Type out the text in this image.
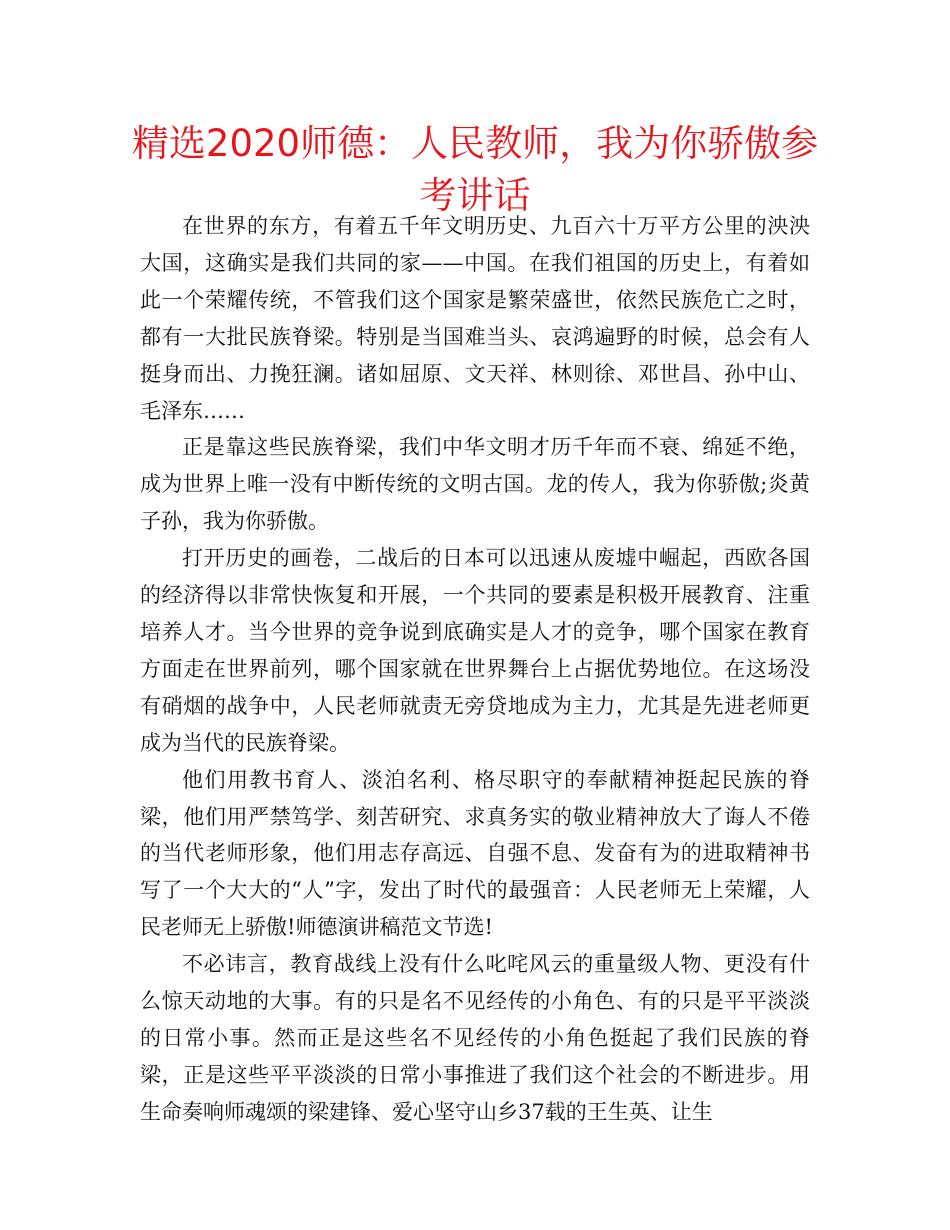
精选2020师德：人民教师，我为你骄傲参考讲话

在世界的东方，有着五千年文明历史、九百六十万平方公里的泱泱大国，这确实是我们共同的家——中国。在我们祖国的历史上，有着如此一个荣耀传统，不管我们这个国家是繁荣盛世，依然民族危亡之时，都有一大批民族脊梁。特别是当国难当头、哀鸿遍野的时候，总会有人挺身而出、力挽狂澜。诸如屈原、文天祥、林则徐、邓世昌、孙中山、毛泽东……

正是靠这些民族脊梁，我们中华文明才历千年而不衰、绵延不绝，成为世界上唯一没有中断传统的文明古国。龙的传人，我为你骄傲;炎黄子孙，我为你骄傲。

打开历史的画卷，二战后的日本可以迅速从废墟中崛起，西欧各国的经济得以非常快恢复和开展，一个共同的要素是积极开展教育、注重培养人才。当今世界的竞争说到底确实是人才的竞争，哪个国家在教育方面走在世界前列，哪个国家就在世界舞台上占据优势地位。在这场没有硝烟的战争中，人民老师就责无旁贷地成为主力，尤其是先进老师更成为当代的民族脊梁。

他们用教书育人、淡泊名利、格尽职守的奉献精神挺起民族的脊梁，他们用严禁笃学、刻苦研究、求真务实的敬业精神放大了诲人不倦的当代老师形象，他们用志存高远、自强不息、发奋有为的进取精神书写了一个大大的“人”字，发出了时代的最强音：人民老师无上荣耀，人民老师无上骄傲!师德演讲稿范文节选!

不必讳言，教育战线上没有什么叱咤风云的重量级人物、更没有什么惊天动地的大事。有的只是名不见经传的小角色、有的只是平平淡淡的日常小事。然而正是这些名不见经传的小角色挺起了我们民族的脊梁，正是这些平平淡淡的日常小事推进了我们这个社会的不断进步。用生命奏响师魂颂的梁建锋、爱心坚守山乡37载的王生英、让生
